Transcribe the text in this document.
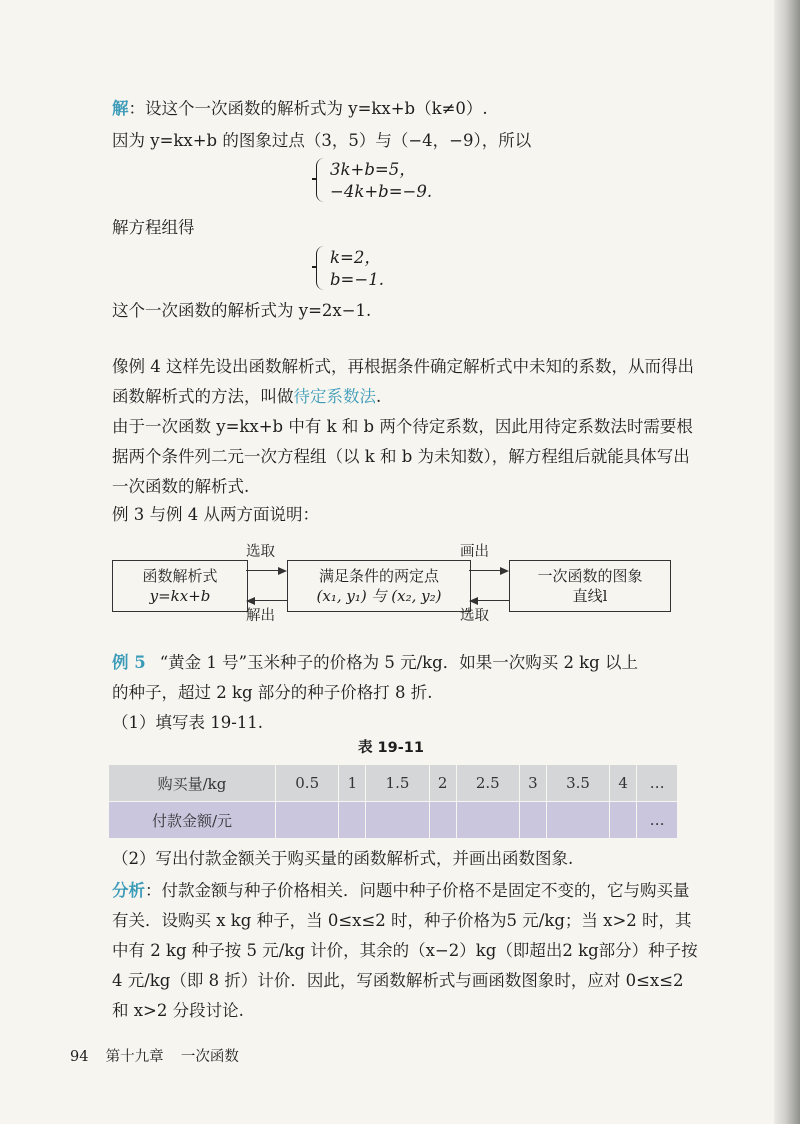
解：设这个一次函数的解析式为 y=kx+b（k≠0）.
因为 y=kx+b 的图象过点（3，5）与（−4，−9），所以
3k+b=5，
−4k+b=−9.
解方程组得
k=2，
b=−1.
这个一次函数的解析式为 y=2x−1.
像例 4 这样先设出函数解析式，再根据条件确定解析式中未知的系数，从而得出函数解析式的方法，叫做待定系数法.
由于一次函数 y=kx+b 中有 k 和 b 两个待定系数，因此用待定系数法时需要根据两个条件列二元一次方程组（以 k 和 b 为未知数），解方程组后就能具体写出一次函数的解析式.
例 3 与例 4 从两方面说明：
函数解析式
y=kx+b
满足条件的两定点
(x₁, y₁) 与 (x₂, y₂)
一次函数的图象
直线l
选取
解出
画出
选取
例 5 “黄金 1 号”玉米种子的价格为 5 元/kg．如果一次购买 2 kg 以上
的种子，超过 2 kg 部分的种子价格打 8 折.
（1）填写表 19-11.
表 19-11
购买量/kg	0.5	1	1.5	2	2.5	3	3.5	4	…
付款金额/元									…
（2）写出付款金额关于购买量的函数解析式，并画出函数图象.
分析：付款金额与种子价格相关．问题中种子价格不是固定不变的，它与购买量有关．设购买 x kg 种子，当 0≤x≤2 时，种子价格为5 元/kg；当 x>2 时，其中有 2 kg 种子按 5 元/kg 计价，其余的（x−2）kg（即超出2 kg部分）种子按 4 元/kg（即 8 折）计价．因此，写函数解析式与画函数图象时，应对 0≤x≤2 和 x>2 分段讨论.
94 第十九章 一次函数
